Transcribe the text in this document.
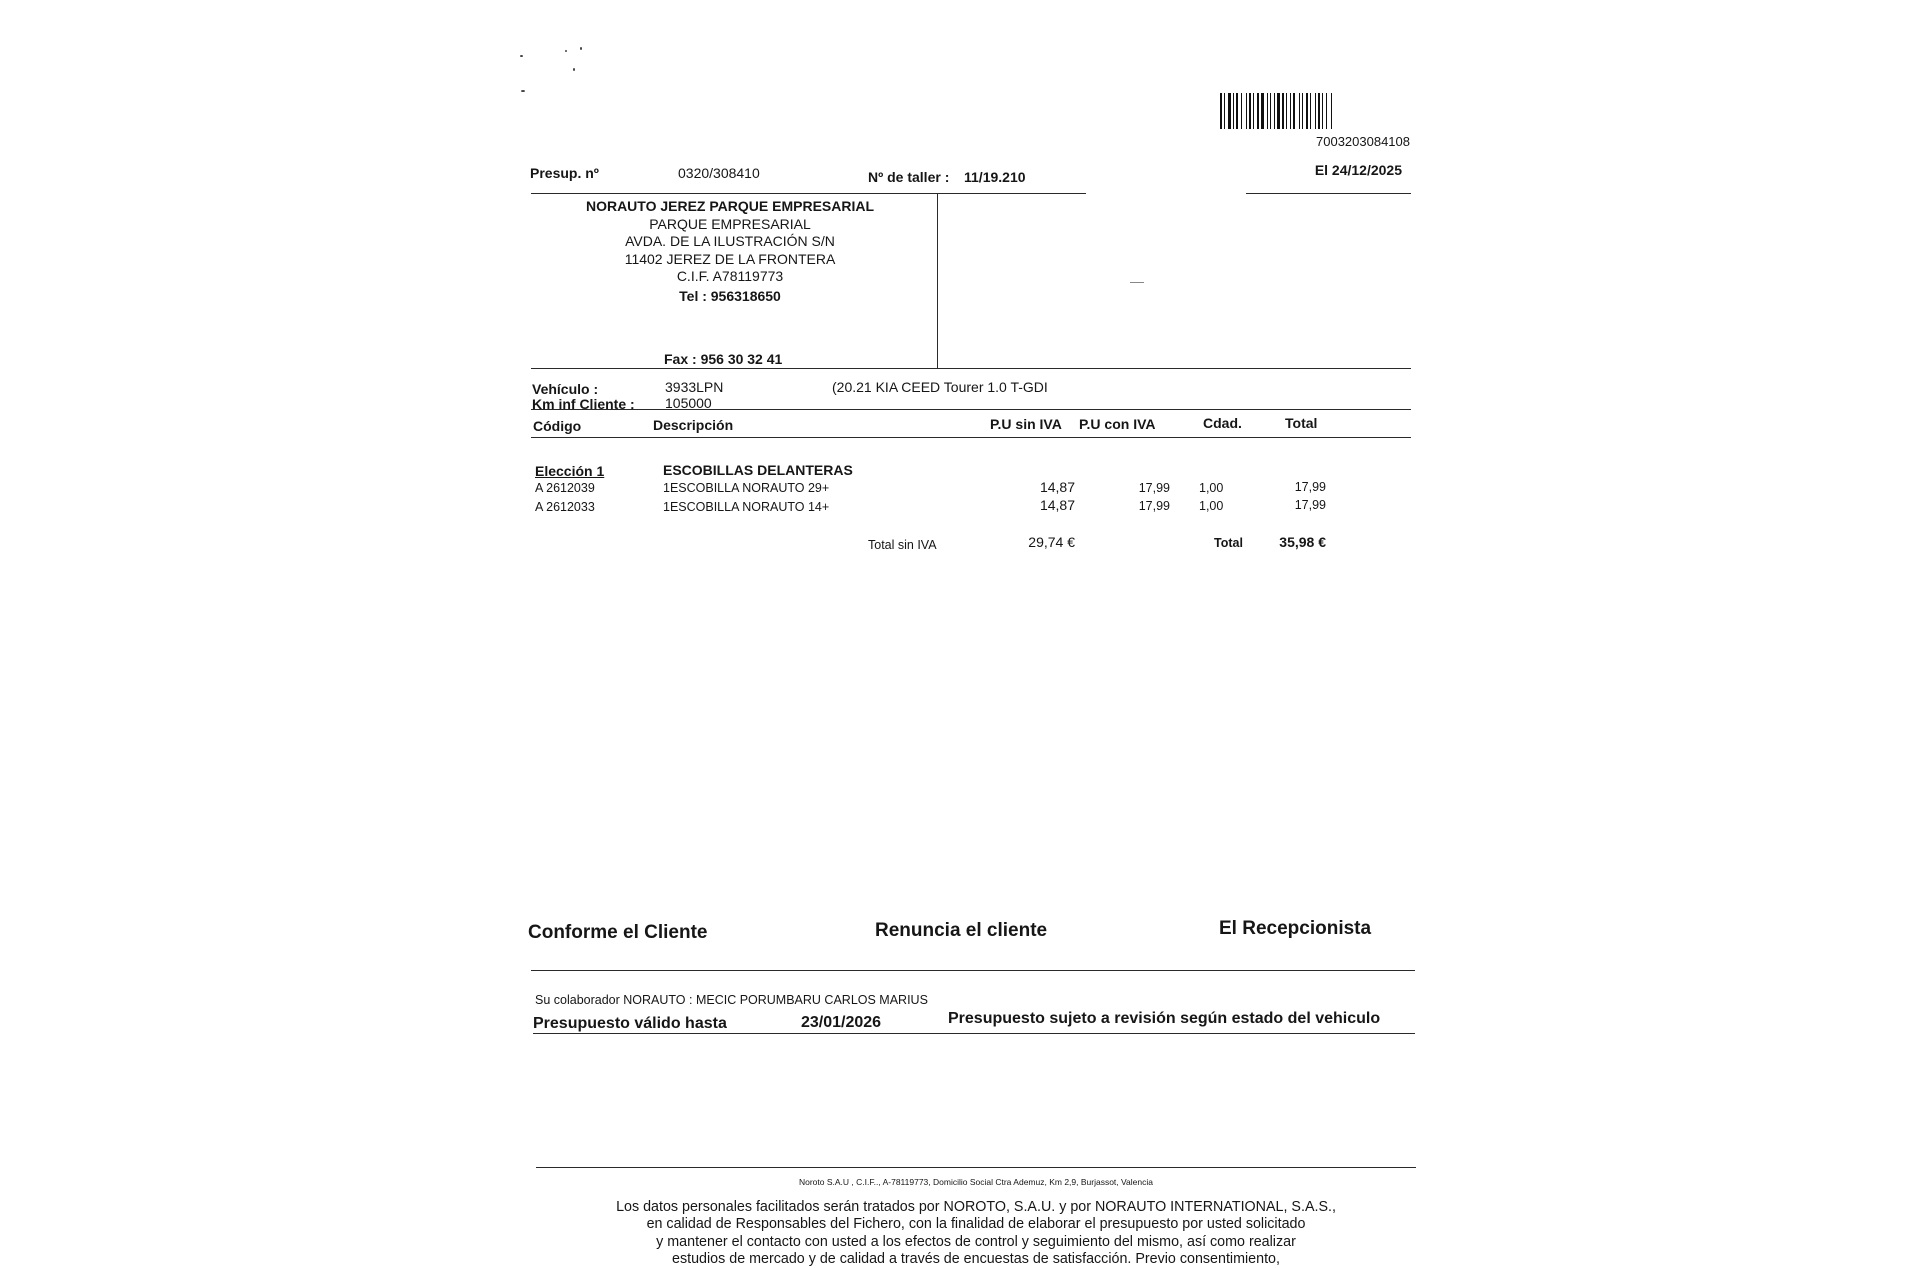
7003203084108
Presup. nº	0320/308410	Nº de taller : 11/19.210	El 24/12/2025
NORAUTO JEREZ PARQUE EMPRESARIAL
PARQUE EMPRESARIAL
AVDA. DE LA ILUSTRACIÓN S/N
11402 JEREZ DE LA FRONTERA
C.I.F. A78119773
Tel : 956318650
Fax : 956 30 32 41
Vehículo :	3933LPN	(20.21 KIA CEED Tourer 1.0 T-GDI
Km inf Cliente : 105000
Código	Descripción	P.U sin IVA P.U con IVA	Cdad.	Total
Elección 1	ESCOBILLAS DELANTERAS
A 2612039	1ESCOBILLA NORAUTO 29+	14,87	17,99 1,00	17,99
A 2612033	1ESCOBILLA NORAUTO 14+	14,87	17,99 1,00	17,99
Total sin IVA	29,74 €	Total	35,98 €
Conforme el Cliente	Renuncia el cliente	El Recepcionista
Su colaborador NORAUTO : MECIC PORUMBARU CARLOS MARIUS
Presupuesto válido hasta	23/01/2026	Presupuesto sujeto a revisión según estado del vehiculo
Noroto S.A.U , C.I.F.., A-78119773, Domicilio Social Ctra Ademuz, Km 2,9, Burjassot, Valencia
Los datos personales facilitados serán tratados por NOROTO, S.A.U. y por NORAUTO INTERNATIONAL, S.A.S.,
en calidad de Responsables del Fichero, con la finalidad de elaborar el presupuesto por usted solicitado
y mantener el contacto con usted a los efectos de control y seguimiento del mismo, así como realizar
estudios de mercado y de calidad a través de encuestas de satisfacción. Previo consentimiento,
